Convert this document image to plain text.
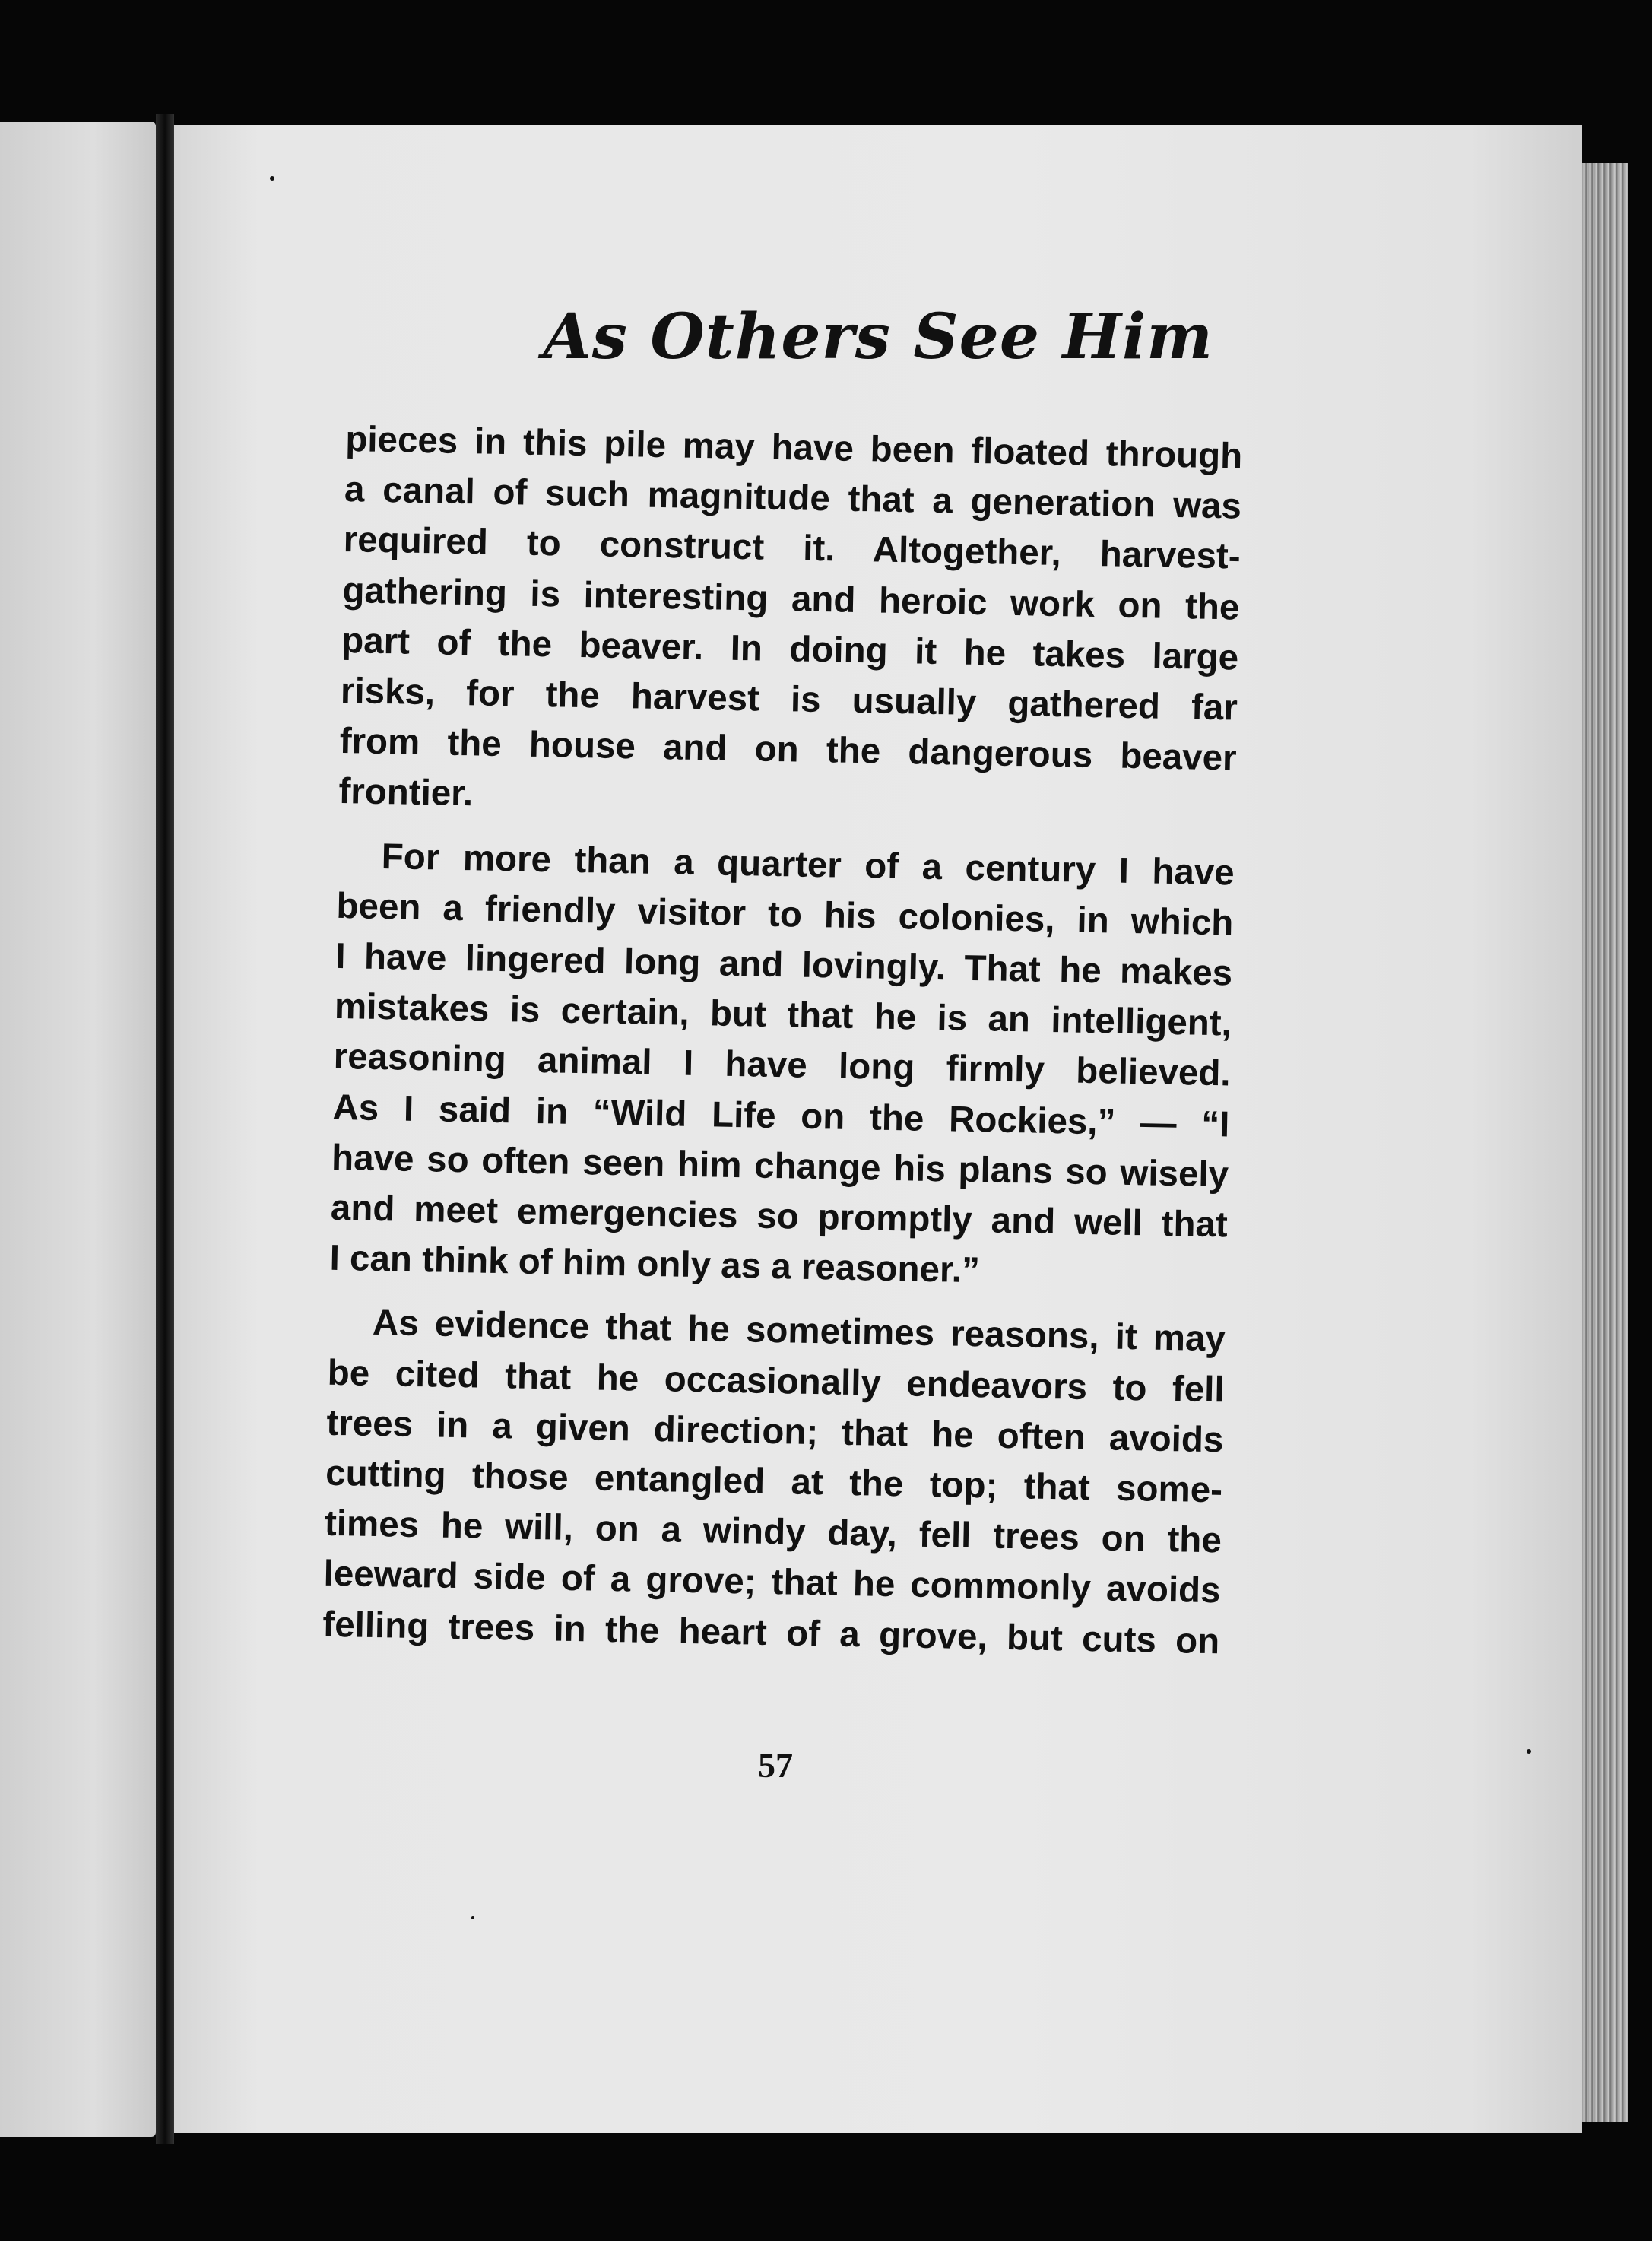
As Others See Him
pieces in this pile may have been floated through
a canal of such magnitude that a generation was
required to construct it. Altogether, harvest-
gathering is interesting and heroic work on the
part of the beaver. In doing it he takes large
risks, for the harvest is usually gathered far
from the house and on the dangerous beaver
frontier.
For more than a quarter of a century I have
been a friendly visitor to his colonies, in which
I have lingered long and lovingly. That he makes
mistakes is certain, but that he is an intelligent,
reasoning animal I have long firmly believed.
As I said in “Wild Life on the Rockies,” — “I
have so often seen him change his plans so wisely
and meet emergencies so promptly and well that
I can think of him only as a reasoner.”
As evidence that he sometimes reasons, it may
be cited that he occasionally endeavors to fell
trees in a given direction; that he often avoids
cutting those entangled at the top; that some-
times he will, on a windy day, fell trees on the
leeward side of a grove; that he commonly avoids
felling trees in the heart of a grove, but cuts on
57
